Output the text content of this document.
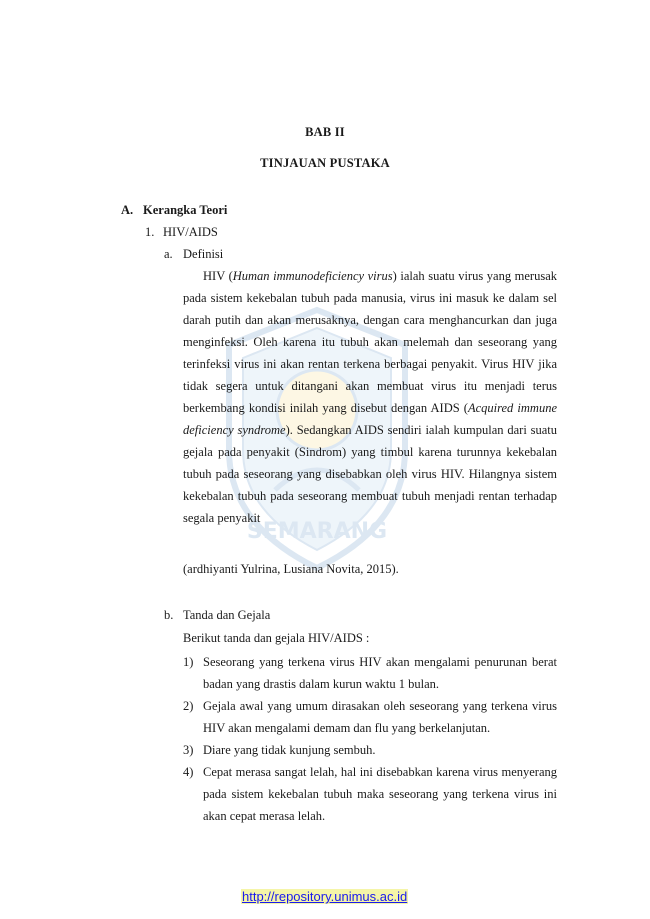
SEMARANG
BAB II
TINJAUAN PUSTAKA
A. Kerangka Teori
1. HIV/AIDS
a. Definisi

HIV (Human immunodeficiency virus) ialah suatu virus yang merusak pada sistem kekebalan tubuh pada manusia, virus ini masuk ke dalam sel darah putih dan akan merusaknya, dengan cara menghancurkan dan juga menginfeksi. Oleh karena itu tubuh akan melemah dan seseorang yang terinfeksi virus ini akan rentan terkena berbagai penyakit. Virus HIV jika tidak segera untuk ditangani akan membuat virus itu menjadi terus berkembang kondisi inilah yang disebut dengan AIDS (Acquired immune deficiency syndrome). Sedangkan AIDS sendiri ialah kumpulan dari suatu gejala pada penyakit (Sindrom) yang timbul karena turunnya kekebalan tubuh pada seseorang yang disebabkan oleh virus HIV. Hilangnya sistem kekebalan tubuh pada seseorang membuat tubuh menjadi rentan terhadap segala penyakit

(ardhiyanti Yulrina, Lusiana Novita, 2015).
b. Tanda dan Gejala
Berikut tanda dan gejala HIV/AIDS :
1) Seseorang yang terkena virus HIV akan mengalami penurunan berat badan yang drastis dalam kurun waktu 1 bulan.
2) Gejala awal yang umum dirasakan oleh seseorang yang terkena virus HIV akan mengalami demam dan flu yang berkelanjutan.
3) Diare yang tidak kunjung sembuh.
4) Cepat merasa sangat lelah, hal ini disebabkan karena virus menyerang pada sistem kekebalan tubuh maka seseorang yang terkena virus ini akan cepat merasa lelah.
http://repository.unimus.ac.id
